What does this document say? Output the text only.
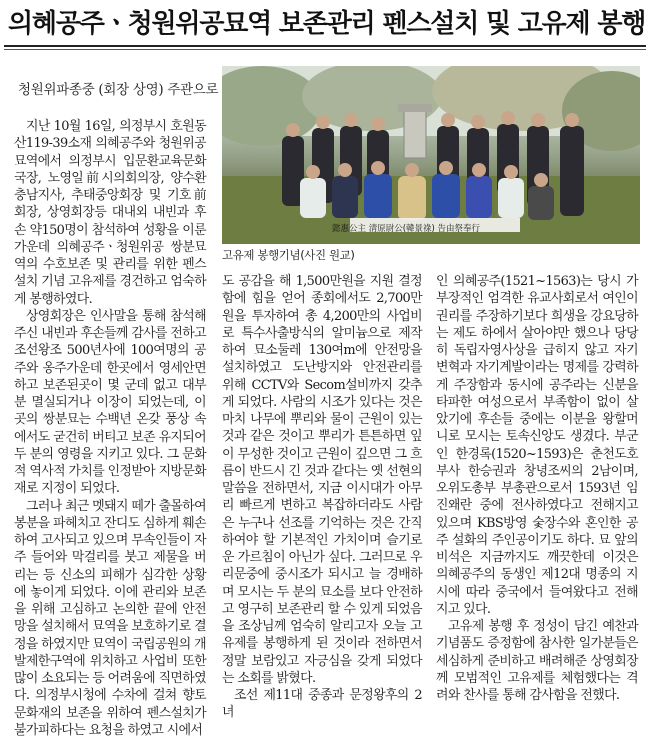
의혜공주ㆍ청원위공묘역 보존관리 펜스설치 및 고유제 봉행
청원위파종중 (회장 상영) 주관으로
懿惠公主 淸原尉公(韓景祿) 告由祭奉行
고유제 봉행기념(사진 원교)

지난 10월 16일, 의정부시 호원동 산119-39소재 의혜공주와 청원위공묘역에서 의정부시 입문환교육문화국장, 노영일前시의회의장, 양수환충남지사, 추태중앙회장 및 기호前회장, 상영회장등 대내외 내빈과 후손 약150명이 참석하여 성황을 이룬 가운데 의혜공주ㆍ청원위공 쌍분묘역의 수호보존 및 관리를 위한 펜스설치 기념 고유제를 경건하고 엄숙하게 봉행하였다.

상영회장은 인사말을 통해 참석해주신 내빈과 후손들께 감사를 전하고 조선왕조 500년사에 100여명의 공주와 옹주가운데 한곳에서 영세안면하고 보존된곳이 몇 군데 없고 대부분 멸실되거나 이장이 되었는데, 이곳의 쌍분묘는 수백년 온갖 풍상 속에서도 굳건히 버티고 보존 유지되어 두 분의 영령을 지키고 있다. 그 문화적 역사적 가치를 인정받아 지방문화재로 지정이 되었다.

그러나 최근 멧돼지 떼가 출몰하여 봉분을 파헤치고 잔디도 심하게 훼손하여 고사되고 있으며 무속인들이 자주 들어와 막걸리를 붓고 제물을 버리는 등 신소의 피해가 심각한 상황에 놓이게 되었다. 이에 관리와 보존을 위해 고심하고 논의한 끝에 안전망을 설치해서 묘역을 보호하기로 결정을 하였지만 묘역이 국립공원의 개발제한구역에 위치하고 사업비 또한 많이 소요되는 등 어려움에 직면하였다. 의정부시청에 수차에 걸쳐 향토문화재의 보존을 위하여 펜스설치가 불가피하다는 요청을 하였고 시에서

도 공감을 해 1,500만원을 지원 결정함에 힘을 얻어 종회에서도 2,700만원을 투자하여 총 4,200만의 사업비로 특수사출방식의 알미늄으로 제작하여 묘소둘레 130여m에 안전망을 설치하였고 도난방지와 안전관리를 위해 CCTV와 Secom설비까지 갖추게 되었다. 사람의 시조가 있다는 것은 마치 나무에 뿌리와 물이 근원이 있는 것과 같은 것이고 뿌리가 튼튼하면 잎이 무성한 것이고 근원이 깊으면 그 흐름이 반드시 긴 것과 같다는 옛 선현의 말씀을 전하면서, 지금 이시대가 아무리 빠르게 변하고 복잡하더라도 사람은 누구나 선조를 기억하는 것은 간직하여야 할 기본적인 가치이며 슬기로운 가르침이 아닌가 싶다. 그러므로 우리문중에 중시조가 되시고 늘 경배하며 모시는 두 분의 묘소를 보다 안전하고 영구히 보존관리 할 수 있게 되었음을 조상님께 엄숙히 알리고자 오늘 고유제를 봉행하게 된 것이라 전하면서 정말 보람있고 자긍심을 갖게 되었다는 소회를 밝혔다.

조선 제11대 중종과 문정왕후의 2녀

인 의혜공주(1521~1563)는 당시 가부장적인 엄격한 유교사회로서 여인이 권리를 주장하기보다 희생을 강요당하는 제도 하에서 살아야만 했으나 당당히 독립자영사상을 급히지 않고 자기변혁과 자기계발이라는 명제를 강력하게 주장함과 동시에 공주라는 신분을 타파한 여성으로서 부족함이 없이 살았기에 후손들 중에는 이분을 왕할머니로 모시는 토속신앙도 생겼다. 부군인 한경록(1520~1593)은 춘천도호부사 한승권과 창녕조씨의 2남이며, 오위도총부 부총관으로서 1593년 임진왜란 중에 전사하였다고 전해지고 있으며 KBS방영 숯장수와 혼인한 공주 설화의 주인공이기도 하다. 묘 앞의 비석은 지금까지도 깨끗한데 이것은 의혜공주의 동생인 제12대 명종의 지시에 따라 중국에서 들여왔다고 전해지고 있다.

고유제 봉행 후 정성이 담긴 예찬과 기념품도 증정함에 참사한 일가분들은 세심하게 준비하고 배려해준 상영회장께 모범적인 고유제를 체험했다는 격려와 찬사를 통해 감사함을 전했다.
